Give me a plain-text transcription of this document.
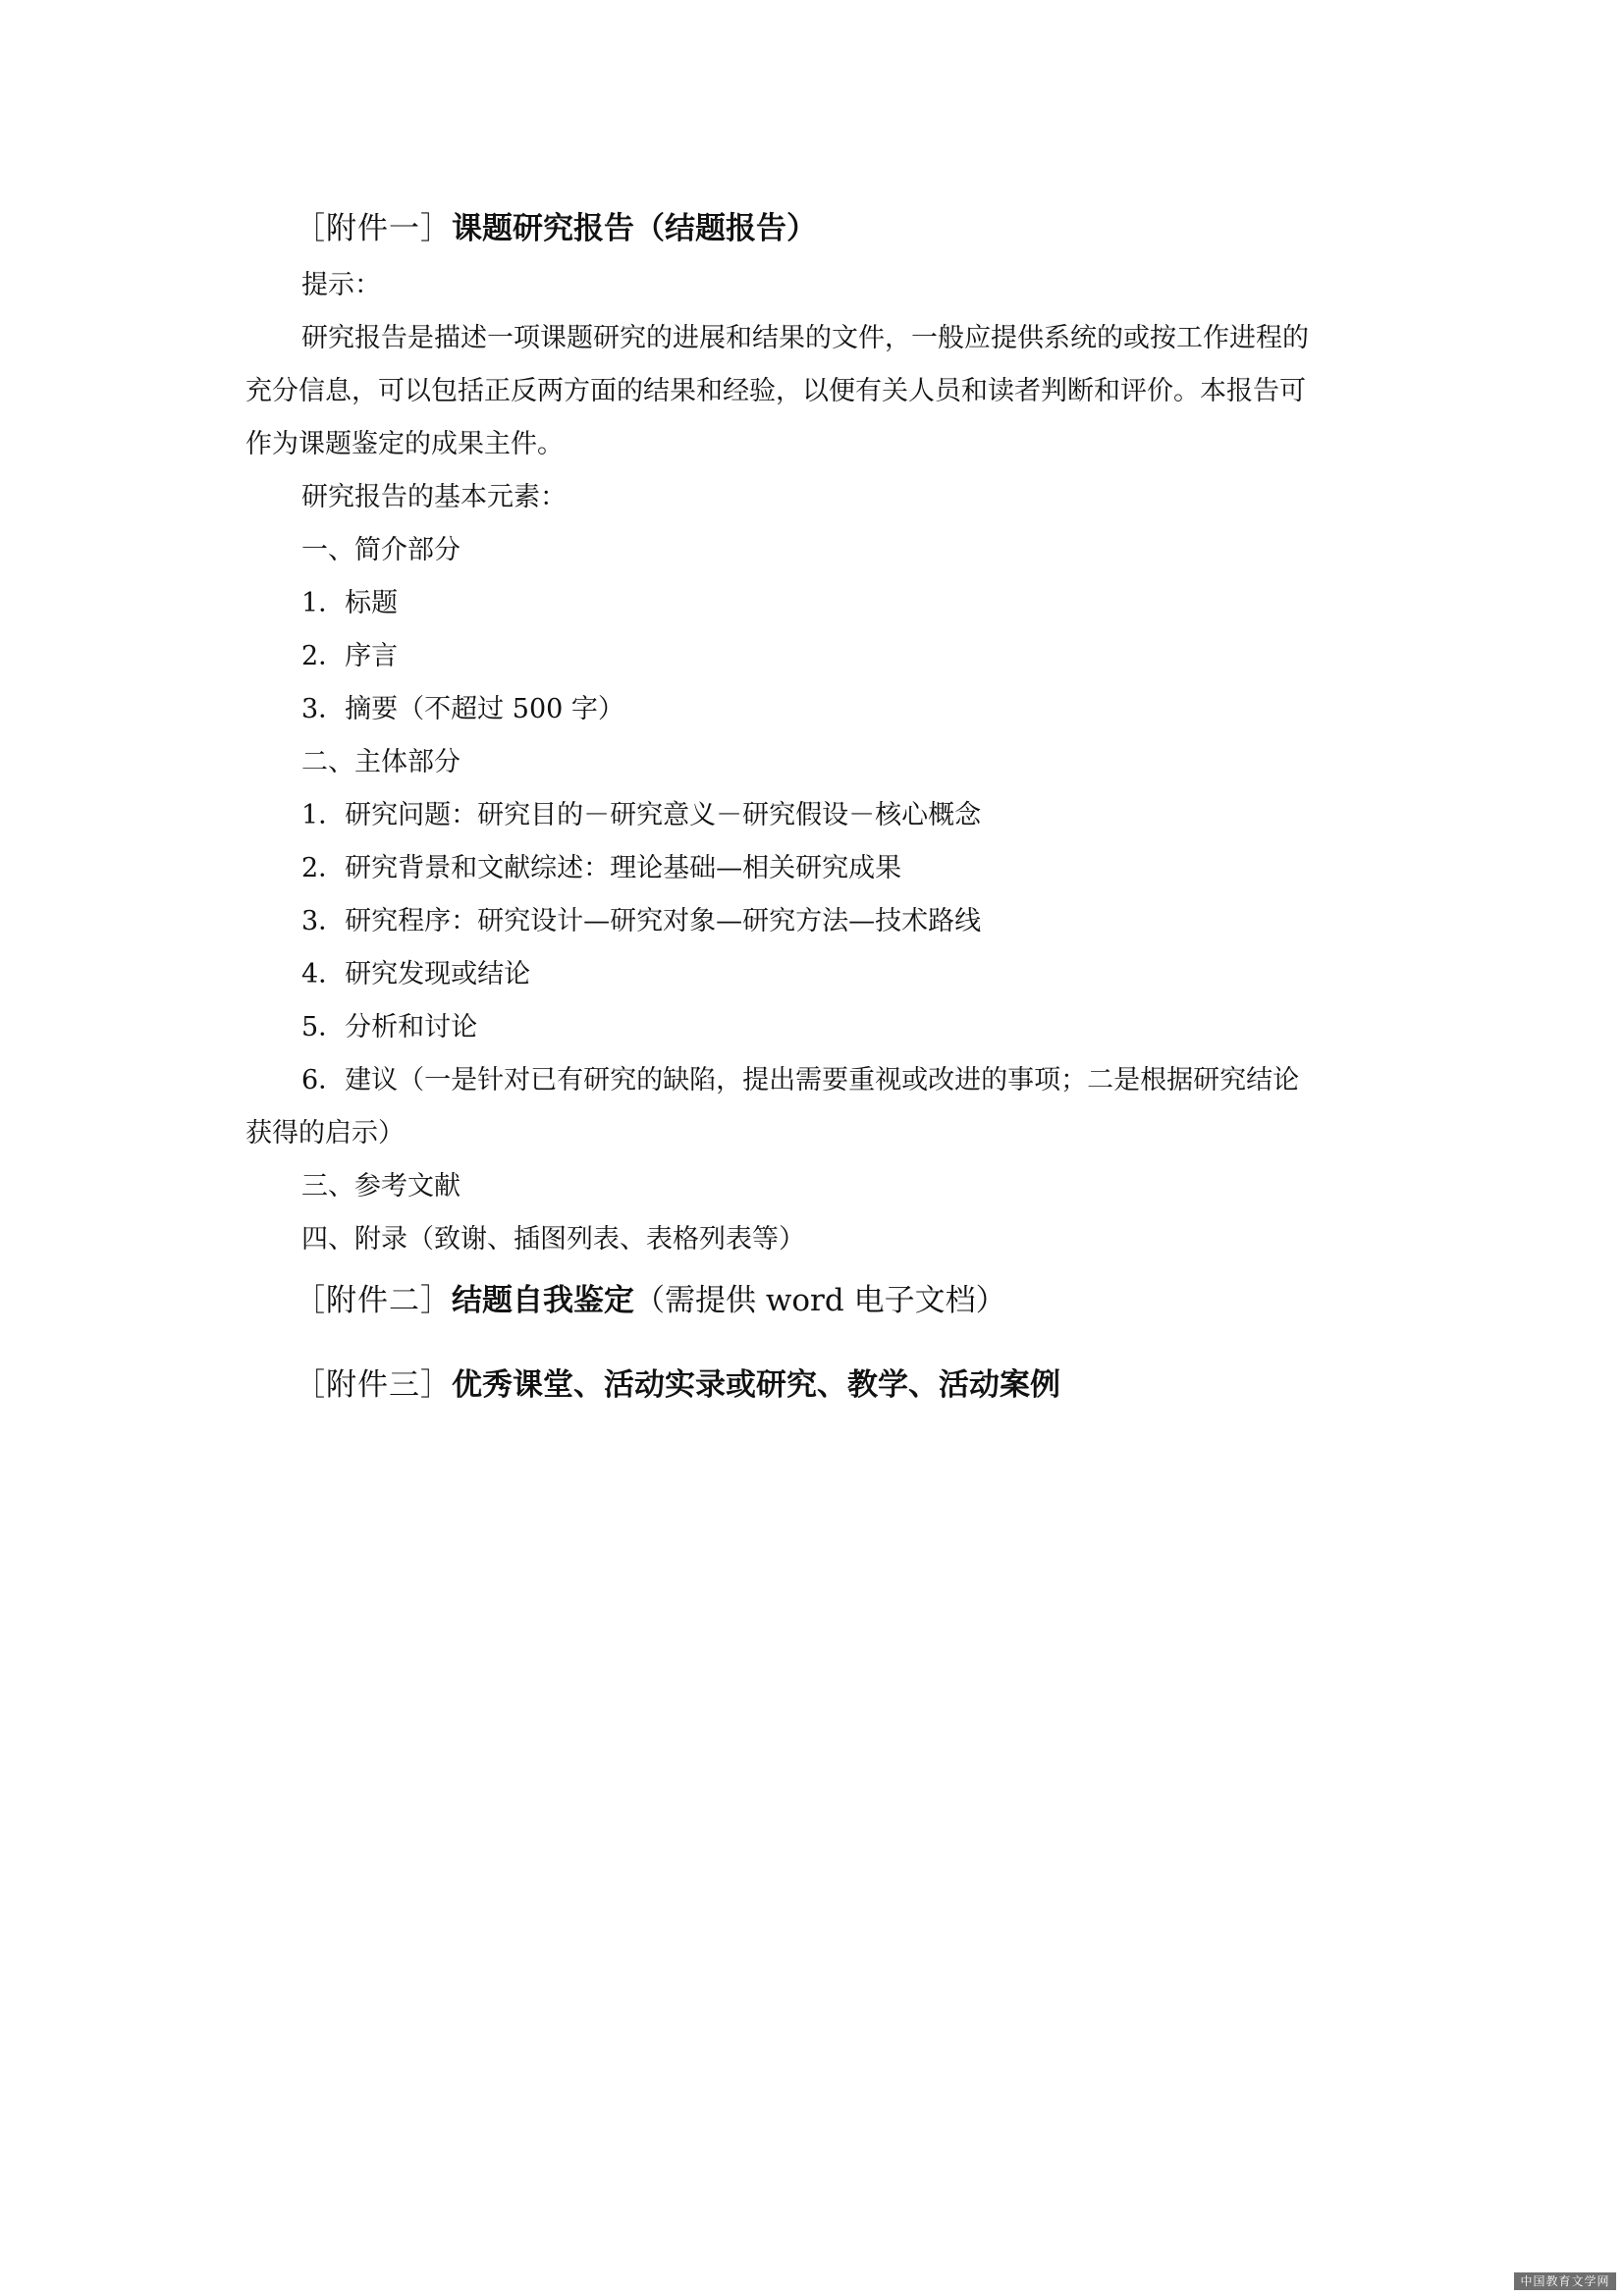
［附件一］课题研究报告（结题报告）
提示：
研究报告是描述一项课题研究的进展和结果的文件，一般应提供系统的或按工作进程的
充分信息，可以包括正反两方面的结果和经验，以便有关人员和读者判断和评价。本报告可
作为课题鉴定的成果主件。
研究报告的基本元素：
一、简介部分
1．标题
2．序言
3．摘要（不超过 500 字）
二、主体部分
1．研究问题：研究目的－研究意义－研究假设－核心概念
2．研究背景和文献综述：理论基础—相关研究成果
3．研究程序：研究设计—研究对象—研究方法—技术路线
4．研究发现或结论
5．分析和讨论
6．建议（一是针对已有研究的缺陷，提出需要重视或改进的事项；二是根据研究结论
获得的启示）
三、参考文献
四、附录（致谢、插图列表、表格列表等）
［附件二］结题自我鉴定（需提供 word 电子文档）
［附件三］优秀课堂、活动实录或研究、教学、活动案例
中国教育文学网
